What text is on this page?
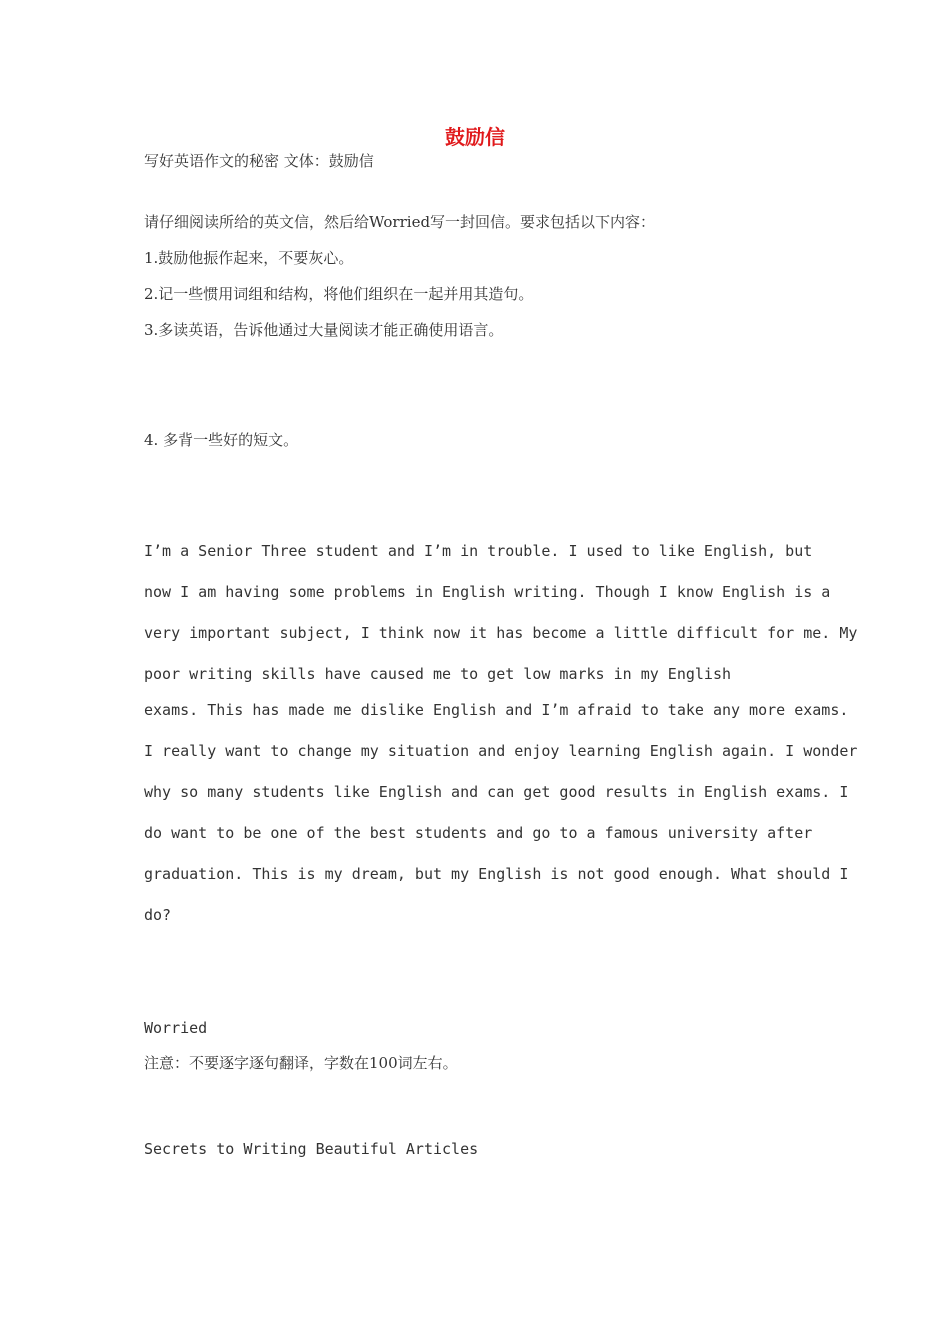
鼓励信
写好英语作文的秘密 文体：鼓励信
请仔细阅读所给的英文信，然后给Worried写一封回信。要求包括以下内容：
1.鼓励他振作起来，不要灰心。
2.记一些惯用词组和结构，将他们组织在一起并用其造句。
3.多读英语，告诉他通过大量阅读才能正确使用语言。
4. 多背一些好的短文。
I’m a Senior Three student and I’m in trouble. I used to like English, but
now I am having some problems in English writing. Though I know English is a
very important subject, I think now it has become a little difficult for me. My
poor writing skills have caused me to get low marks in my English
exams. This has made me dislike English and I’m afraid to take any more exams.
I really want to change my situation and enjoy learning English again. I wonder
why so many students like English and can get good results in English exams. I
do want to be one of the best students and go to a famous university after
graduation. This is my dream, but my English is not good enough. What should I
do?
Worried
注意：不要逐字逐句翻译，字数在100词左右。
Secrets to Writing Beautiful Articles
